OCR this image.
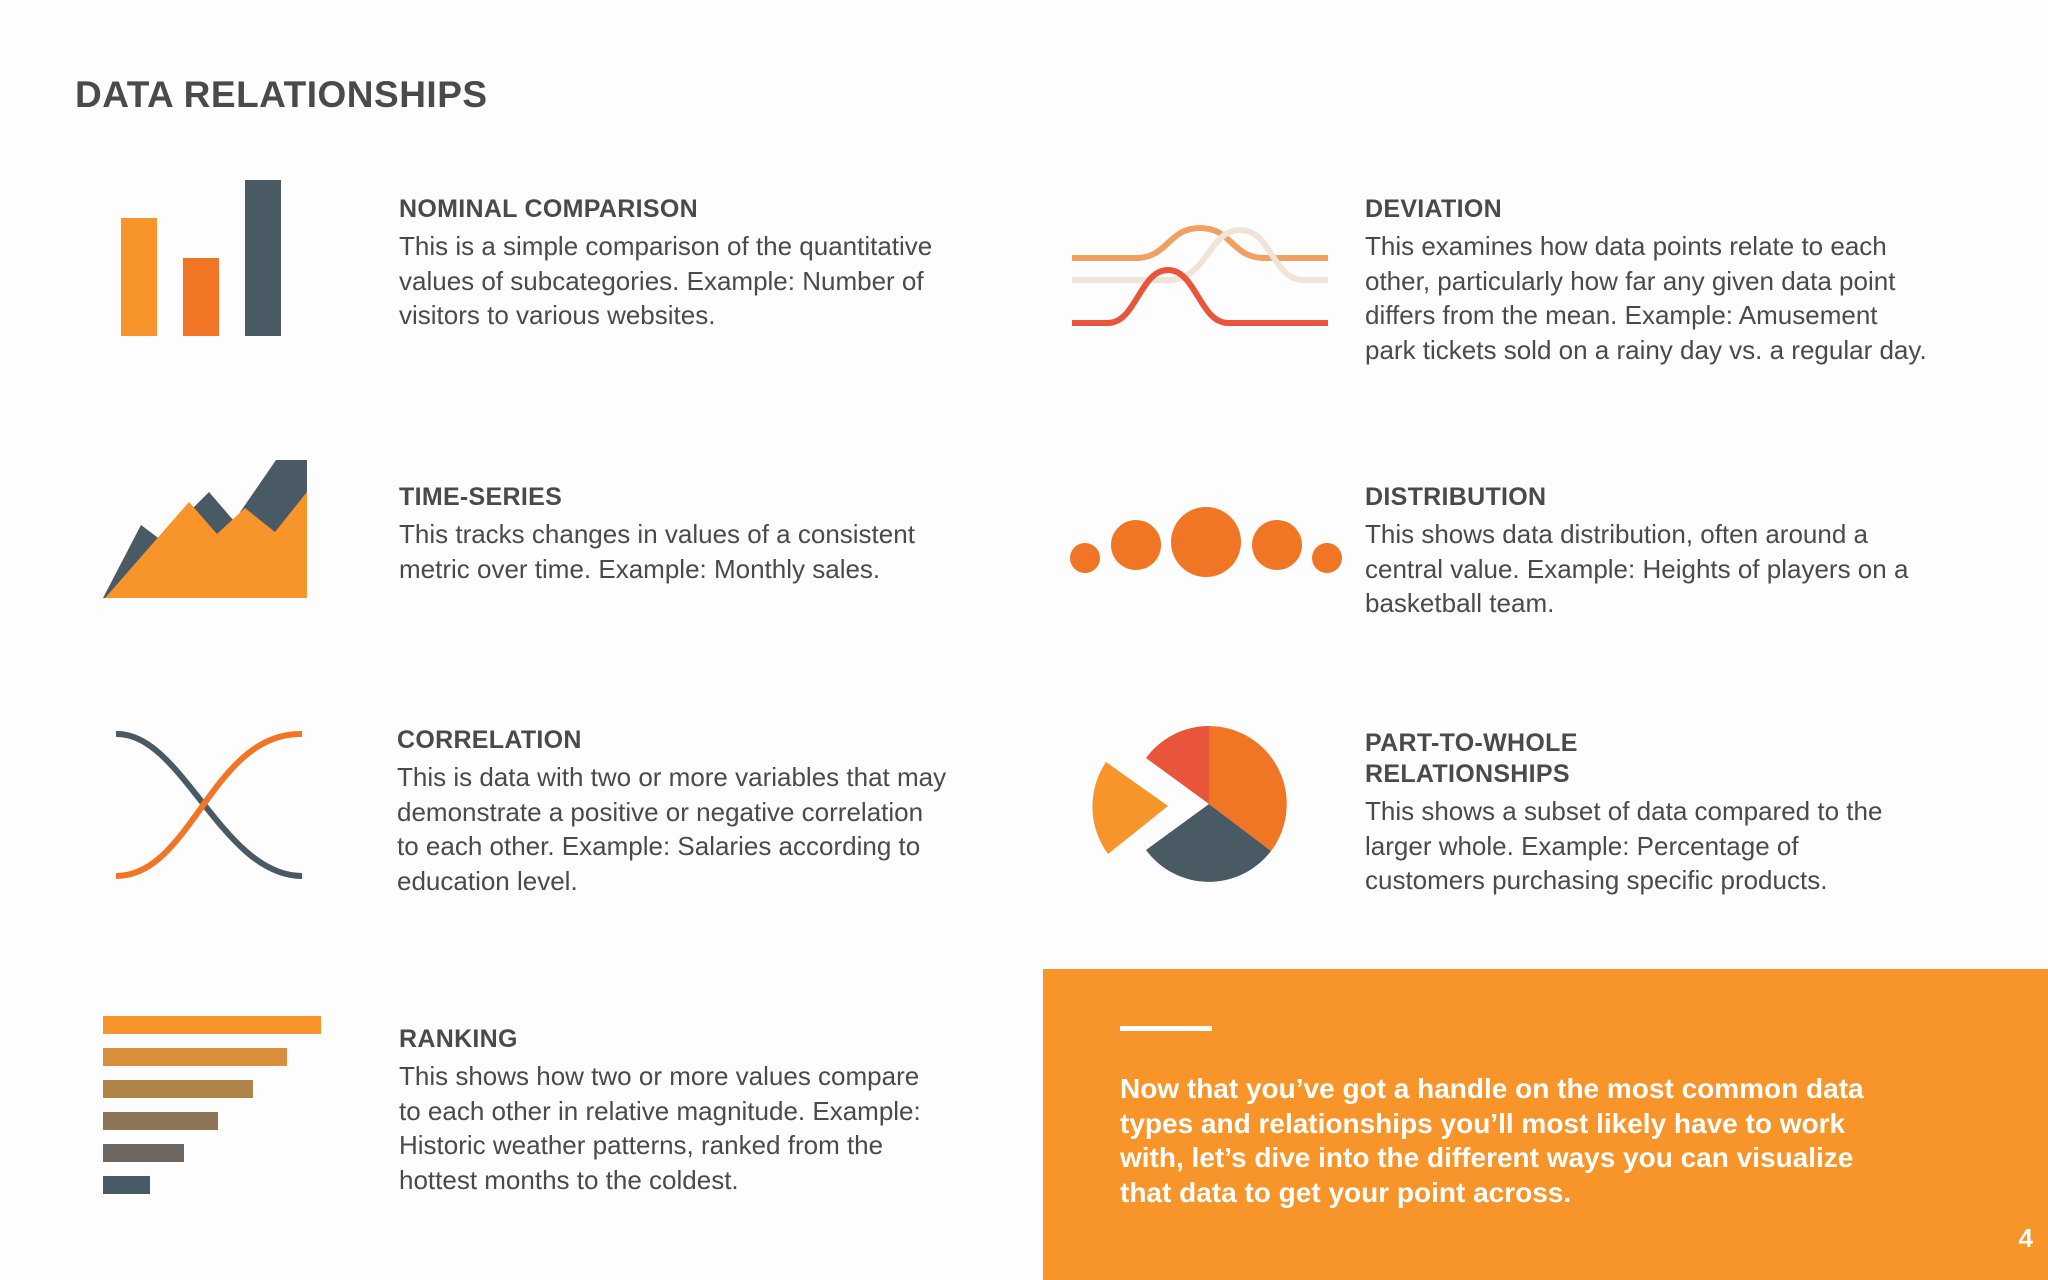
DATA RELATIONSHIPS
NOMINAL COMPARISON

This is a simple comparison of the quantitative
values of subcategories. Example: Number of
visitors to various websites.

TIME-SERIES

This tracks changes in values of a consistent
metric over time. Example: Monthly sales.

CORRELATION

This is data with two or more variables that may
demonstrate a positive or negative correlation
to each other. Example: Salaries according to
education level.

RANKING

This shows how two or more values compare
to each other in relative magnitude. Example:
Historic weather patterns, ranked from the
hottest months to the coldest.

DEVIATION

This examines how data points relate to each
other, particularly how far any given data point
differs from the mean. Example: Amusement
park tickets sold on a rainy day vs. a regular day.

DISTRIBUTION

This shows data distribution, often around a
central value. Example: Heights of players on a
basketball team.

PART-TO-WHOLE
RELATIONSHIPS

This shows a subset of data compared to the
larger whole. Example: Percentage of
customers purchasing specific products.

Now that you’ve got a handle on the most common data
types and relationships you’ll most likely have to work
with, let’s dive into the different ways you can visualize
that data to get your point across.
4
